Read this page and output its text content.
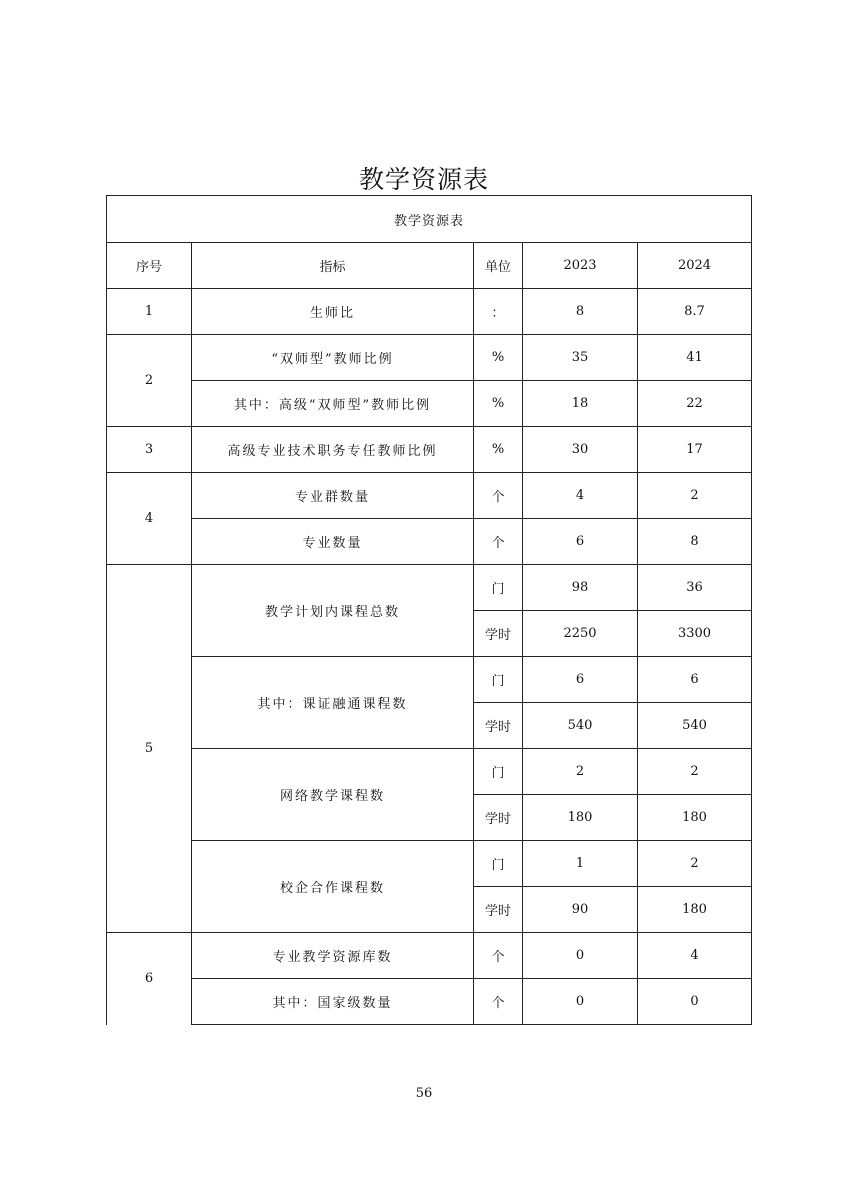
教学资源表
教学资源表				
序号	指标	单位	2023	2024
1	生师比	：	8	8.7
2	“双师型”教师比例	%	35	41
	其中：高级“双师型”教师比例	%	18	22
3	高级专业技术职务专任教师比例	%	30	17
4	专业群数量	个	4	2
	专业数量	个	6	8
5	教学计划内课程总数	门	98	36
		学时	2250	3300
	其中：课证融通课程数	门	6	6
		学时	540	540
	网络教学课程数	门	2	2
		学时	180	180
	校企合作课程数	门	1	2
		学时	90	180
6	专业教学资源库数	个	0	4
	其中：国家级数量	个	0	0
56
